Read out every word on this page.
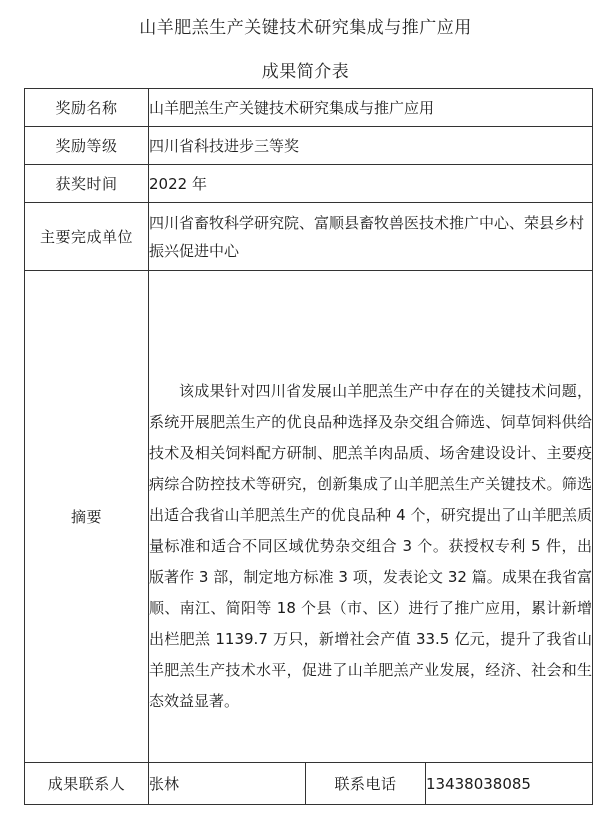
山羊肥羔生产关键技术研究集成与推广应用
成果简介表
奖励名称	山羊肥羔生产关键技术研究集成与推广应用		
奖励等级	四川省科技进步三等奖		
获奖时间	2022 年		
主要完成单位	四川省畜牧科学研究院、富顺县畜牧兽医技术推广中心、荣县乡村振兴促进中心		
摘要	该成果针对四川省发展山羊肥羔生产中存在的关键技术问题，系统开展肥羔生产的优良品种选择及杂交组合筛选、饲草饲料供给技术及相关饲料配方研制、肥羔羊肉品质、场舍建设设计、主要疫病综合防控技术等研究，创新集成了山羊肥羔生产关键技术。筛选出适合我省山羊肥羔生产的优良品种 4 个，研究提出了山羊肥羔质量标准和适合不同区域优势杂交组合 3 个。获授权专利 5 件，出版著作 3 部，制定地方标准 3 项，发表论文 32 篇。成果在我省富顺、南江、简阳等 18 个县（市、区）进行了推广应用，累计新增出栏肥羔 1139.7 万只，新增社会产值 33.5 亿元，提升了我省山羊肥羔生产技术水平，促进了山羊肥羔产业发展，经济、社会和生态效益显著。		

成果联系人	张林	联系电话	13438038085
